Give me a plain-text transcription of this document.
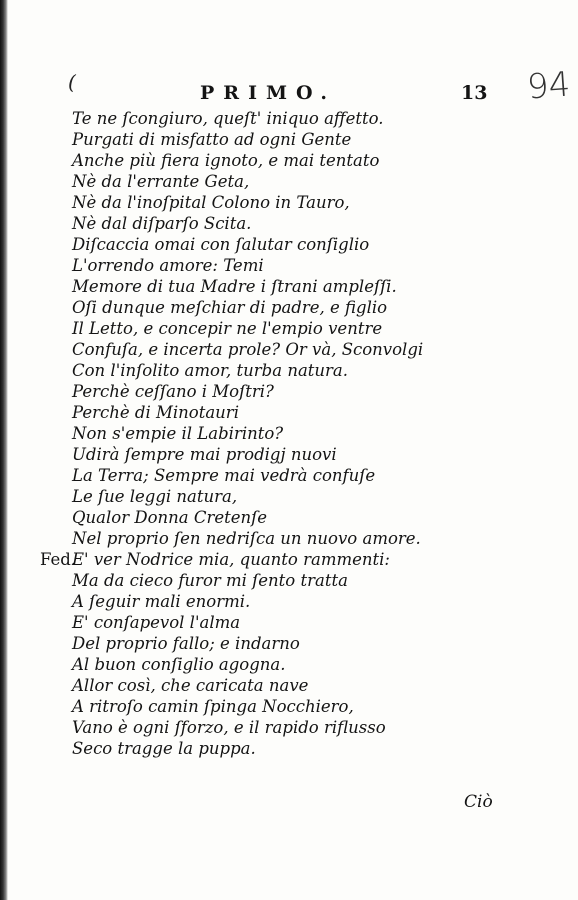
(	PRIMO.	13 94
Te ne ſcongiuro, queſt' iniquo affetto.
Purgati di misfatto ad ogni Gente
Anche più fiera ignoto, e mai tentato
Nè da l'errante Geta,
Nè da l'inoſpital Colono in Tauro,
Nè dal diſparſo Scita.
Diſcaccia omai con ſalutar conſiglio
L'orrendo amore: Temi
Memore di tua Madre i ſtrani ampleſſi.
Oſi dunque meſchiar di padre, e figlio
Il Letto, e concepir ne l'empio ventre
Confuſa, e incerta prole? Or và, Sconvolgi
Con l'inſolito amor, turba natura.
Perchè ceſſano i Moſtri?
Perchè di Minotauri
Non s'empie il Labirinto?
Udirà ſempre mai prodigj nuovi
La Terra; Sempre mai vedrà confuſe
Le ſue leggi natura,
Qualor Donna Cretenſe
Nel proprio ſen nedriſca un nuovo amore.
Fed.E' ver Nodrice mia, quanto rammenti:
Ma da cieco furor mi ſento tratta
A ſeguir mali enormi.
E' conſapevol l'alma
Del proprio fallo; e indarno
Al buon conſiglio agogna.
Allor così, che caricata nave
A ritroſo camin ſpinga Nocchiero,
Vano è ogni ſforzo, e il rapido riflusso
Seco tragge la puppa.
Ciò
